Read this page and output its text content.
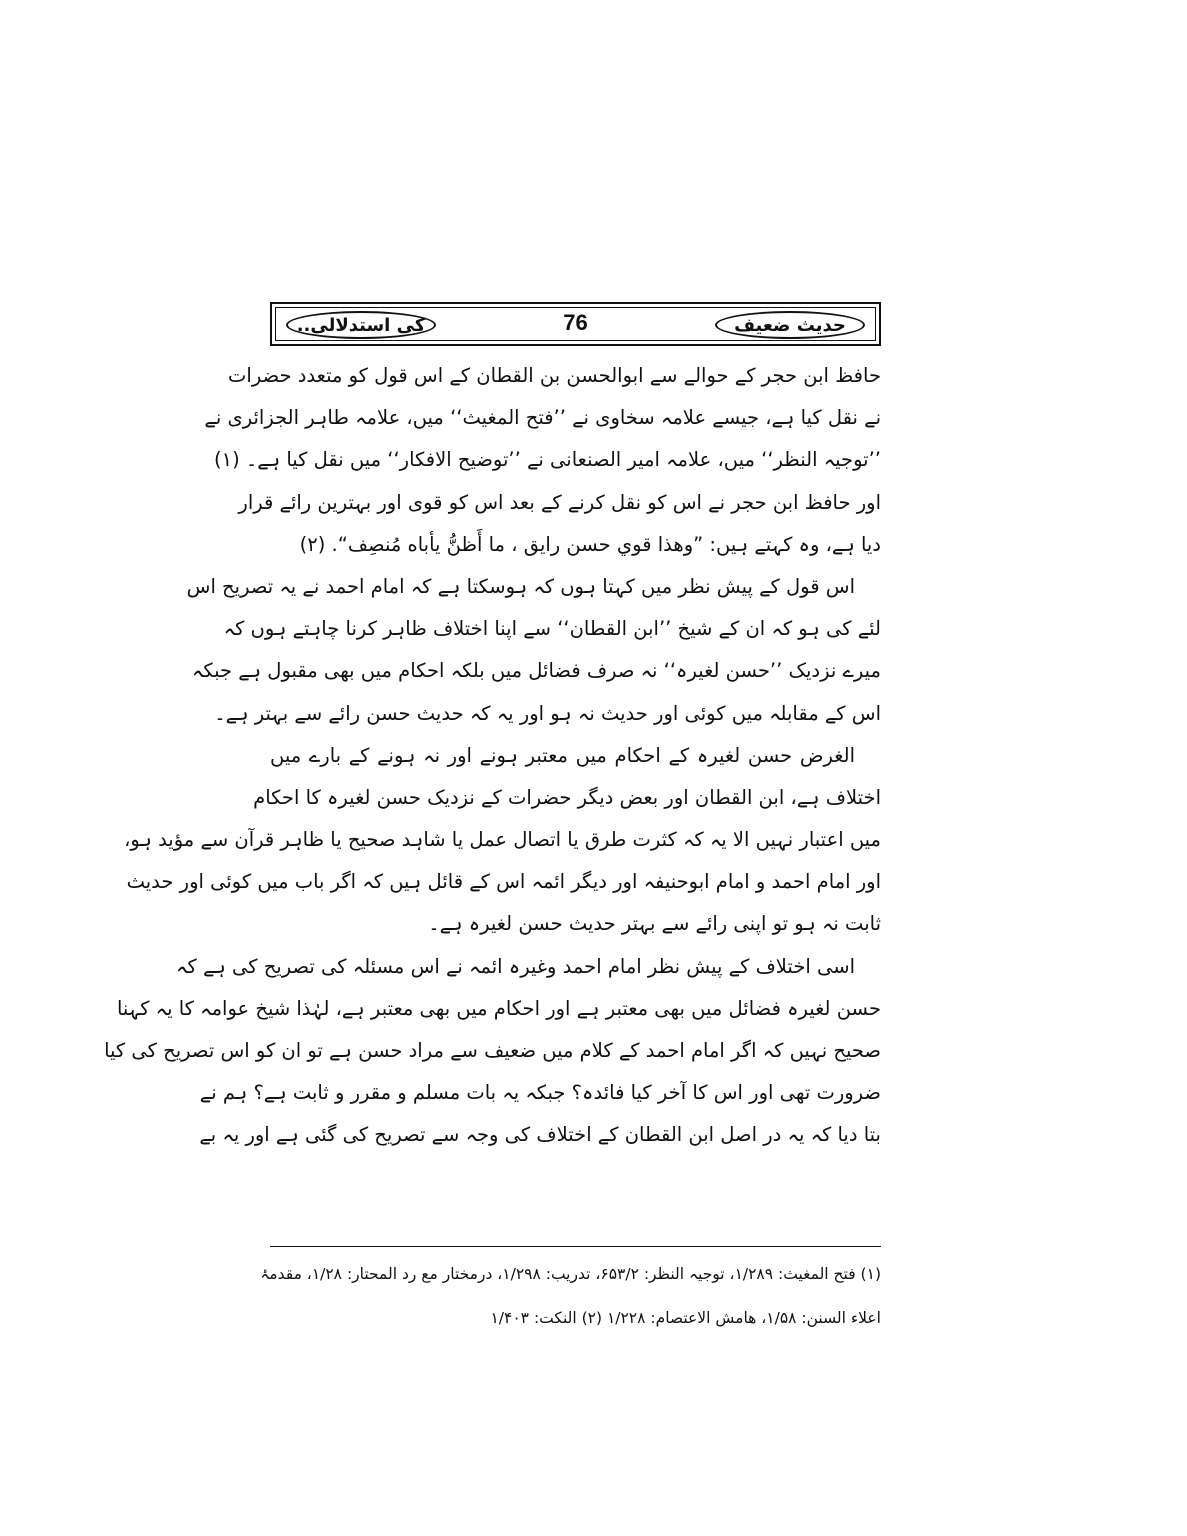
حدیث ضعیف
76
کی استدلالی..
حافظ ابن حجر کے حوالے سے ابوالحسن بن القطان کے اس قول کو متعدد حضرات
نے نقل کیا ہے، جیسے علامہ سخاوی نے ’’فتح المغیث‘‘ میں، علامہ طاہر الجزائری نے
’’توجیہ النظر‘‘ میں، علامہ امیر الصنعانی نے ’’توضیح الافکار‘‘ میں نقل کیا ہے۔ (۱)
اور حافظ ابن حجر نے اس کو نقل کرنے کے بعد اس کو قوی اور بہترین رائے قرار
دیا ہے، وہ کہتے ہیں: ”وهذا قوي حسن رايق ، ما أَظنُّ يأباه مُنصِف“. (۲)
اس قول کے پیش نظر میں کہتا ہوں کہ ہوسکتا ہے کہ امام احمد نے یہ تصریح اس
لئے کی ہو کہ ان کے شیخ ’’ابن القطان‘‘ سے اپنا اختلاف ظاہر کرنا چاہتے ہوں کہ
میرے نزدیک ’’حسن لغیرہ‘‘ نہ صرف فضائل میں بلکہ احکام میں بھی مقبول ہے جبکہ
اس کے مقابلہ میں کوئی اور حدیث نہ ہو اور یہ کہ حدیث حسن رائے سے بہتر ہے۔
الغرض حسن لغیرہ کے احکام میں معتبر ہونے اور نہ ہونے کے بارے میں
اختلاف ہے، ابن القطان اور بعض دیگر حضرات کے نزدیک حسن لغیرہ کا احکام
میں اعتبار نہیں الا یہ کہ کثرت طرق یا اتصال عمل یا شاہد صحیح یا ظاہر قرآن سے مؤید ہو،
اور امام احمد و امام ابوحنیفہ اور دیگر ائمہ اس کے قائل ہیں کہ اگر باب میں کوئی اور حدیث
ثابت نہ ہو تو اپنی رائے سے بہتر حدیث حسن لغیرہ ہے۔
اسی اختلاف کے پیش نظر امام احمد وغیرہ ائمہ نے اس مسئلہ کی تصریح کی ہے کہ
حسن لغیرہ فضائل میں بھی معتبر ہے اور احکام میں بھی معتبر ہے، لہٰذا شیخ عوامہ کا یہ کہنا
صحیح نہیں کہ اگر امام احمد کے کلام میں ضعیف سے مراد حسن ہے تو ان کو اس تصریح کی کیا
ضرورت تھی اور اس کا آخر کیا فائدہ؟ جبکہ یہ بات مسلم و مقرر و ثابت ہے؟ ہم نے
بتا دیا کہ یہ در اصل ابن القطان کے اختلاف کی وجہ سے تصریح کی گئی ہے اور یہ بے
(۱) فتح المغیث: ۱/۲۸۹، توجیہ النظر: ۶۵۳/۲، تدریب: ۱/۲۹۸، درمختار مع رد المحتار: ۱/۲۸، مقدمۂ
اعلاء السنن: ۱/۵۸، ھامش الاعتصام: ۱/۲۲۸ (۲) النکت: ۱/۴۰۳
